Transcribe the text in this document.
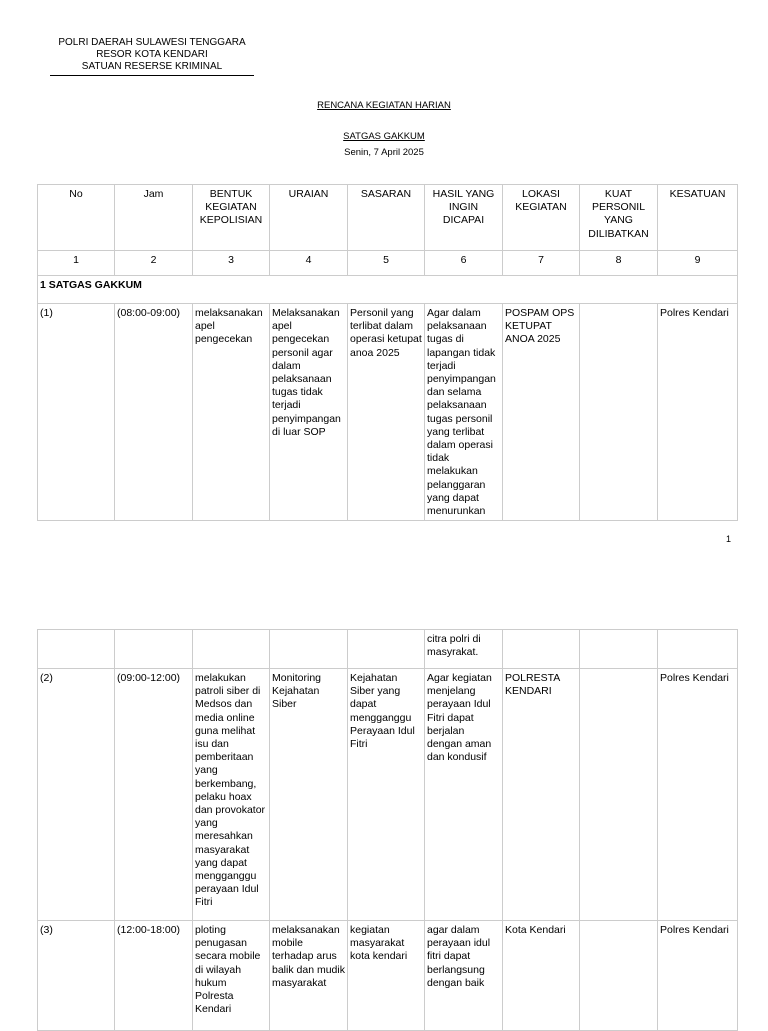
POLRI DAERAH SULAWESI TENGGARA
RESOR KOTA KENDARI
SATUAN RESERSE KRIMINAL
RENCANA KEGIATAN HARIAN
SATGAS GAKKUM
Senin, 7 April 2025
No	Jam	BENTUK KEGIATAN KEPOLISIAN	URAIAN	SASARAN	HASIL YANG INGIN DICAPAI	LOKASI KEGIATAN	KUAT PERSONIL YANG DILIBATKAN	KESATUAN
1	2	3	4	5	6	7	8	9
1 SATGAS GAKKUM								
(1)	(08:00-09:00)	melaksanakan apel pengecekan	Melaksanakan apel pengecekan personil agar dalam pelaksanaan tugas tidak terjadi penyimpangan di luar SOP	Personil yang terlibat dalam operasi ketupat anoa 2025	Agar dalam pelaksanaan tugas di lapangan tidak terjadi penyimpangan dan selama pelaksanaan tugas personil yang terlibat dalam operasi tidak melakukan pelanggaran yang dapat menurunkan	POSPAM OPS KETUPAT ANOA 2025		Polres Kendari
1
					citra polri di masyrakat.			
(2)	(09:00-12:00)	melakukan patroli siber di Medsos dan media online guna melihat isu dan pemberitaan yang berkembang, pelaku hoax dan provokator yang meresahkan masyarakat yang dapat mengganggu perayaan Idul Fitri	Monitoring Kejahatan Siber	Kejahatan Siber yang dapat mengganggu Perayaan Idul Fitri	Agar kegiatan menjelang perayaan Idul Fitri dapat berjalan dengan aman dan kondusif	POLRESTA KENDARI		Polres Kendari
(3)	(12:00-18:00)	ploting penugasan secara mobile di wilayah hukum Polresta Kendari	melaksanakan mobile terhadap arus balik dan mudik masyarakat	kegiatan masyarakat kota kendari	agar dalam perayaan idul fitri dapat berlangsung dengan baik	Kota Kendari		Polres Kendari
